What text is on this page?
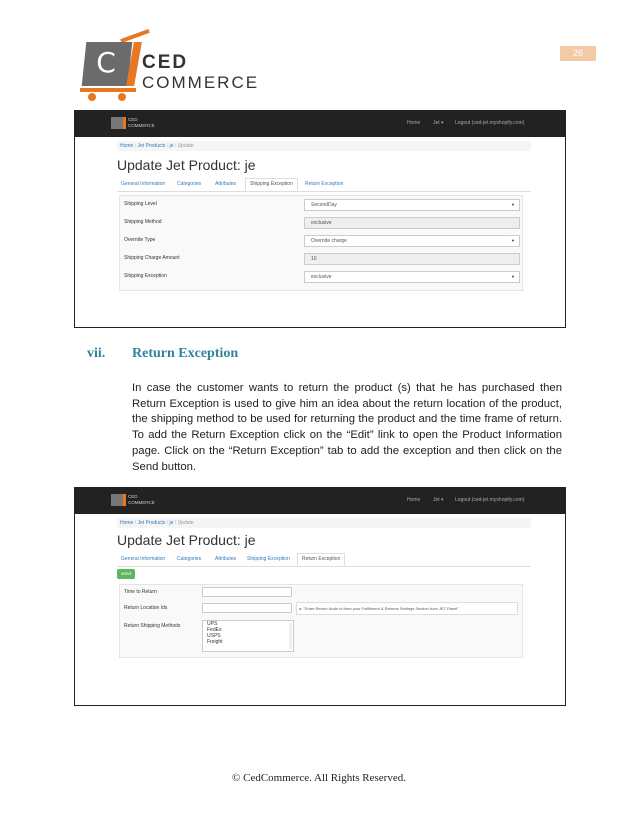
C CED
COMMERCE
26
CED
COMMERCE	Home	Jet ▾ Logout (ced-jet.myshopify.com)
Home / Jet Products / je / Update
Update Jet Product: je
General Information Categories	Attributes	Shipping Exception	Return Exception
Shipping Level	SecondDay	▼
Shipping Method	exclusive
Override Type	Override charge	▼
Shipping Charge Amount	10
Shipping Exception	exclusive	▼
vii. Return Exception

In case the customer wants to return the product (s) that he has purchased then Return Exception is used to give him an idea about the return location of the product, the shipping method to be used for returning the product and the time frame of return. To add the Return Exception click on the “Edit” link to open the Product Information page. Click on the “Return Exception” tab to add the exception and then click on the Send button.

CED
COMMERCE	Home	Jet ▾ Logout (ced-jet.myshopify.com)
Home / Jet Products / je / Update
Update Jet Product: je
General Information Categories	Attributes Shipping Exception	Return Exception
send
Time to Return
Return Location Ids	a. "Enter Return Node id from your Fulfillment & Returns Settings Section from JET Panel"
Return Shipping Methods	UPS
FedEx
USPS
Freight
© CedCommerce. All Rights Reserved.
